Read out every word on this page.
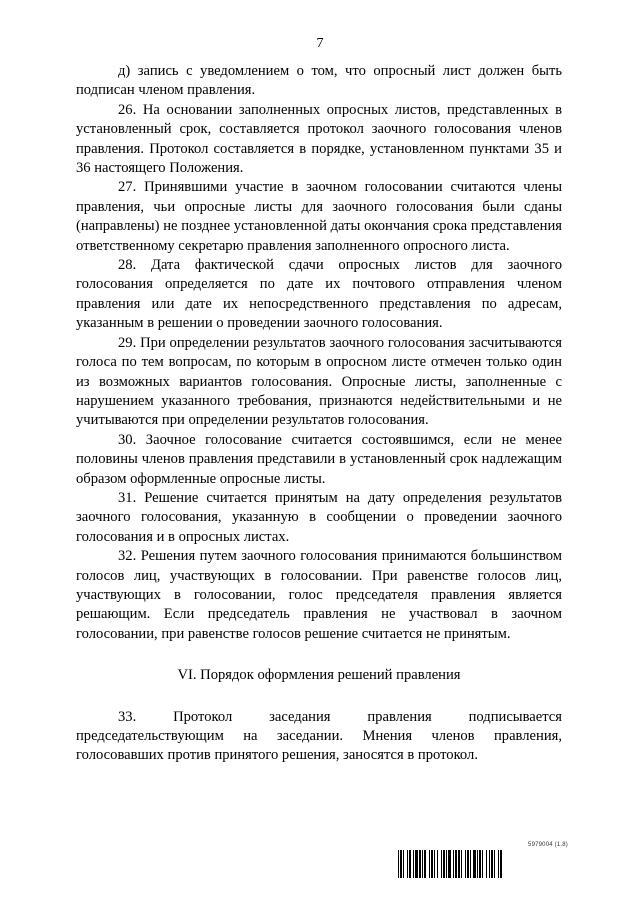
7

д) запись с уведомлением о том, что опросный лист должен быть подписан членом правления.

26. На основании заполненных опросных листов, представленных в установленный срок, составляется протокол заочного голосования членов правления. Протокол составляется в порядке, установленном пунктами 35 и 36 настоящего Положения.

27. Принявшими участие в заочном голосовании считаются члены правления, чьи опросные листы для заочного голосования были сданы (направлены) не позднее установленной даты окончания срока представления ответственному секретарю правления заполненного опросного листа.

28. Дата фактической сдачи опросных листов для заочного голосования определяется по дате их почтового отправления членом правления или дате их непосредственного представления по адресам, указанным в решении о проведении заочного голосования.

29. При определении результатов заочного голосования засчитываются голоса по тем вопросам, по которым в опросном листе отмечен только один из возможных вариантов голосования. Опросные листы, заполненные с нарушением указанного требования, признаются недействительными и не учитываются при определении результатов голосования.

30. Заочное голосование считается состоявшимся, если не менее половины членов правления представили в установленный срок надлежащим образом оформленные опросные листы.

31. Решение считается принятым на дату определения результатов заочного голосования, указанную в сообщении о проведении заочного голосования и в опросных листах.

32. Решения путем заочного голосования принимаются большинством голосов лиц, участвующих в голосовании. При равенстве голосов лиц, участвующих в голосовании, голос председателя правления является решающим. Если председатель правления не участвовал в заочном голосовании, при равенстве голосов решение считается не принятым.

VI. Порядок оформления решений правления

33. Протокол заседания правления подписывается председательствующим на заседании. Мнения членов правления, голосовавших против принятого решения, заносятся в протокол.

5979004 (1.8)
